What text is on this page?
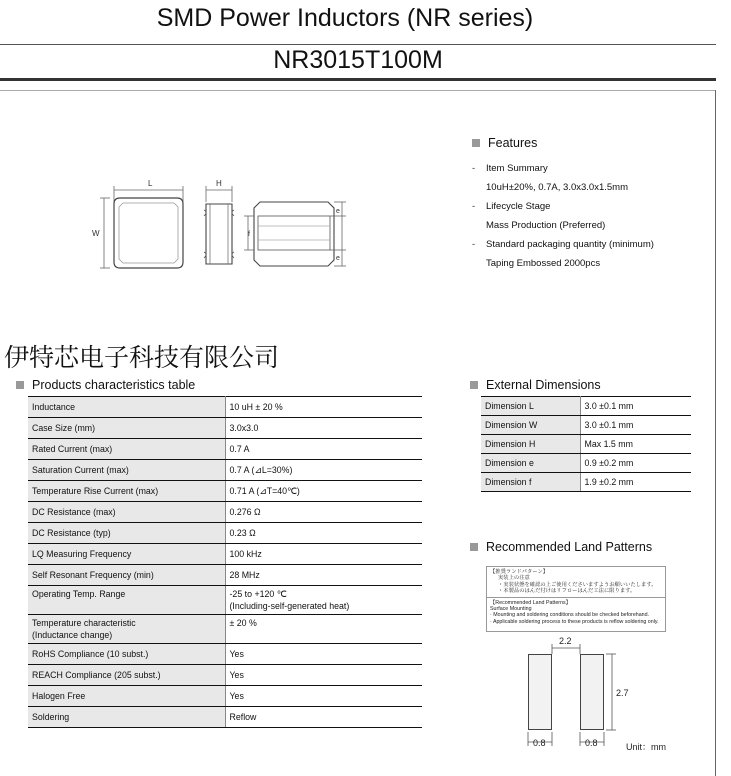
SMD Power Inductors (NR series)
NR3015T100M
L
W
H
e
f
e
Features
-	Item Summary
10uH±20%, 0.7A, 3.0x3.0x1.5mm
-	Lifecycle Stage
Mass Production (Preferred)
-	Standard packaging quantity (minimum)
Taping Embossed 2000pcs
伊特芯电子科技有限公司
Products characteristics table
Inductance	10 uH ± 20 %
Case Size (mm)	3.0x3.0
Rated Current (max)	0.7 A
Saturation Current (max)	0.7 A (⊿L=30%)
Temperature Rise Current (max)	0.71 A (⊿T=40℃)
DC Resistance (max)	0.276 Ω
DC Resistance (typ)	0.23 Ω
LQ Measuring Frequency	100 kHz
Self Resonant Frequency (min)	28 MHz
Operating Temp. Range	-25 to +120 ℃
(Including-self-generated heat)

Temperature characteristic
(Inductance change)	± 20 %
RoHS Compliance (10 subst.)	Yes
REACH Compliance (205 subst.)	Yes
Halogen Free	Yes
Soldering	Reflow
External Dimensions
Dimension L	3.0 ±0.1 mm
Dimension W	3.0 ±0.1 mm
Dimension H	Max 1.5 mm
Dimension e	0.9 ±0.2 mm
Dimension f	1.9 ±0.2 mm
Recommended Land Patterns
【推奨ランドパターン】
実装上の注意
・実装状態を確認の上ご使用くださいますようお願いいたします。
・本製品のはんだ付けはリフローはんだ工法に限ります。
【Recommended Land Patterns】
Surface Mounting
· Mounting and soldering conditions should be checked beforehand.
· Applicable soldering process to these products is reflow soldering only.
2.2
2.7
0.8	0.8	Unit：mm
